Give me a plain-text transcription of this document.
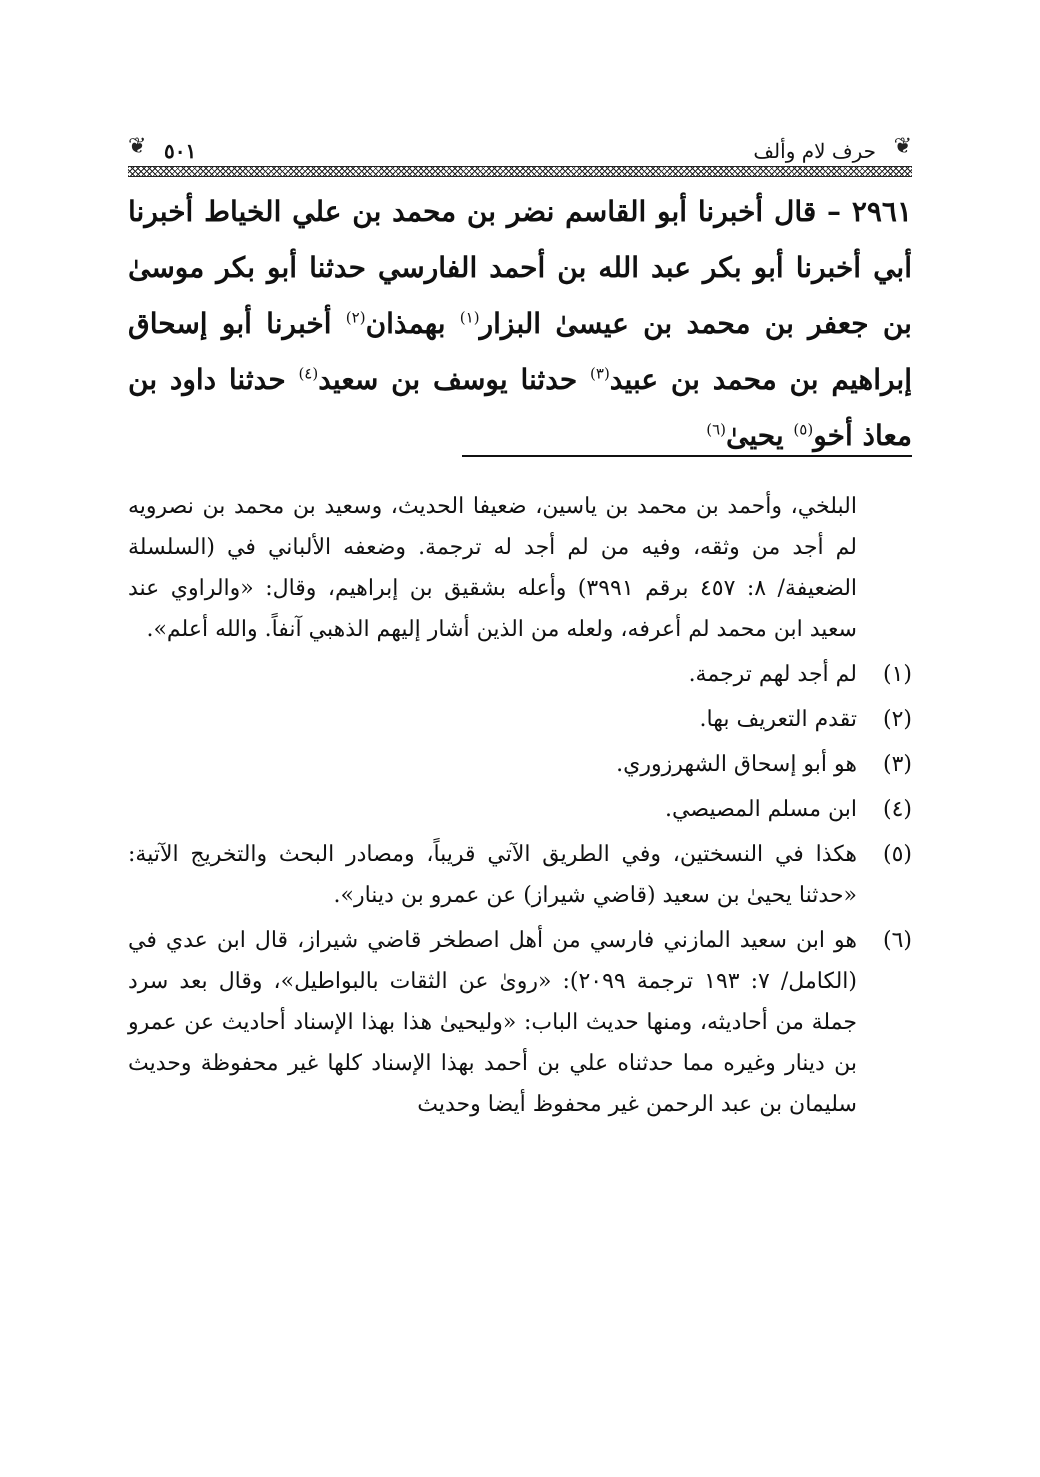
❦
حرف لام وألف
٥٠١
❦

٢٩٦١ – قال أخبرنا أبو القاسم نضر بن محمد بن علي الخياط أخبرنا أبي أخبرنا أبو بكر عبد الله بن أحمد الفارسي حدثنا أبو بكر موسىٰ بن جعفر بن محمد بن عيسىٰ البزار$^{(١)}$ بهمذان$^{(٢)}$ أخبرنا أبو إسحاق إبراهيم بن محمد بن عبيد$^{(٣)}$ حدثنا يوسف بن سعيد$^{(٤)}$ حدثنا داود بن معاذ أخو$^{(٥)}$ يحيىٰ$^{(٦)}$

البلخي، وأحمد بن محمد بن ياسين، ضعيفا الحديث، وسعيد بن محمد بن نصرويه لم أجد من وثقه، وفيه من لم أجد له ترجمة. وضعفه الألباني في (السلسلة الضعيفة/ ٨: ٤٥٧ برقم ٣٩٩١) وأعله بشقيق بن إبراهيم، وقال: «والراوي عند سعيد ابن محمد لم أعرفه، ولعله من الذين أشار إليهم الذهبي آنفاً. والله أعلم».

(١)
لم أجد لهم ترجمة.
(٢)
تقدم التعريف بها.
(٣)
هو أبو إسحاق الشهرزوري.
(٤)
ابن مسلم المصيصي.
(٥)
هكذا في النسختين، وفي الطريق الآتي قريباً، ومصادر البحث والتخريج الآتية: «حدثنا يحيىٰ بن سعيد (قاضي شيراز) عن عمرو بن دينار».
(٦)
هو ابن سعيد المازني فارسي من أهل اصطخر قاضي شيراز، قال ابن عدي في (الكامل/ ٧: ١٩٣ ترجمة ٢٠٩٩): «روىٰ عن الثقات بالبواطيل»، وقال بعد سرد جملة من أحاديثه، ومنها حديث الباب: «وليحيىٰ هذا بهذا الإسناد أحاديث عن عمرو بن دينار وغيره مما حدثناه علي بن أحمد بهذا الإسناد كلها غير محفوظة وحديث سليمان بن عبد الرحمن غير محفوظ أيضا وحديث
